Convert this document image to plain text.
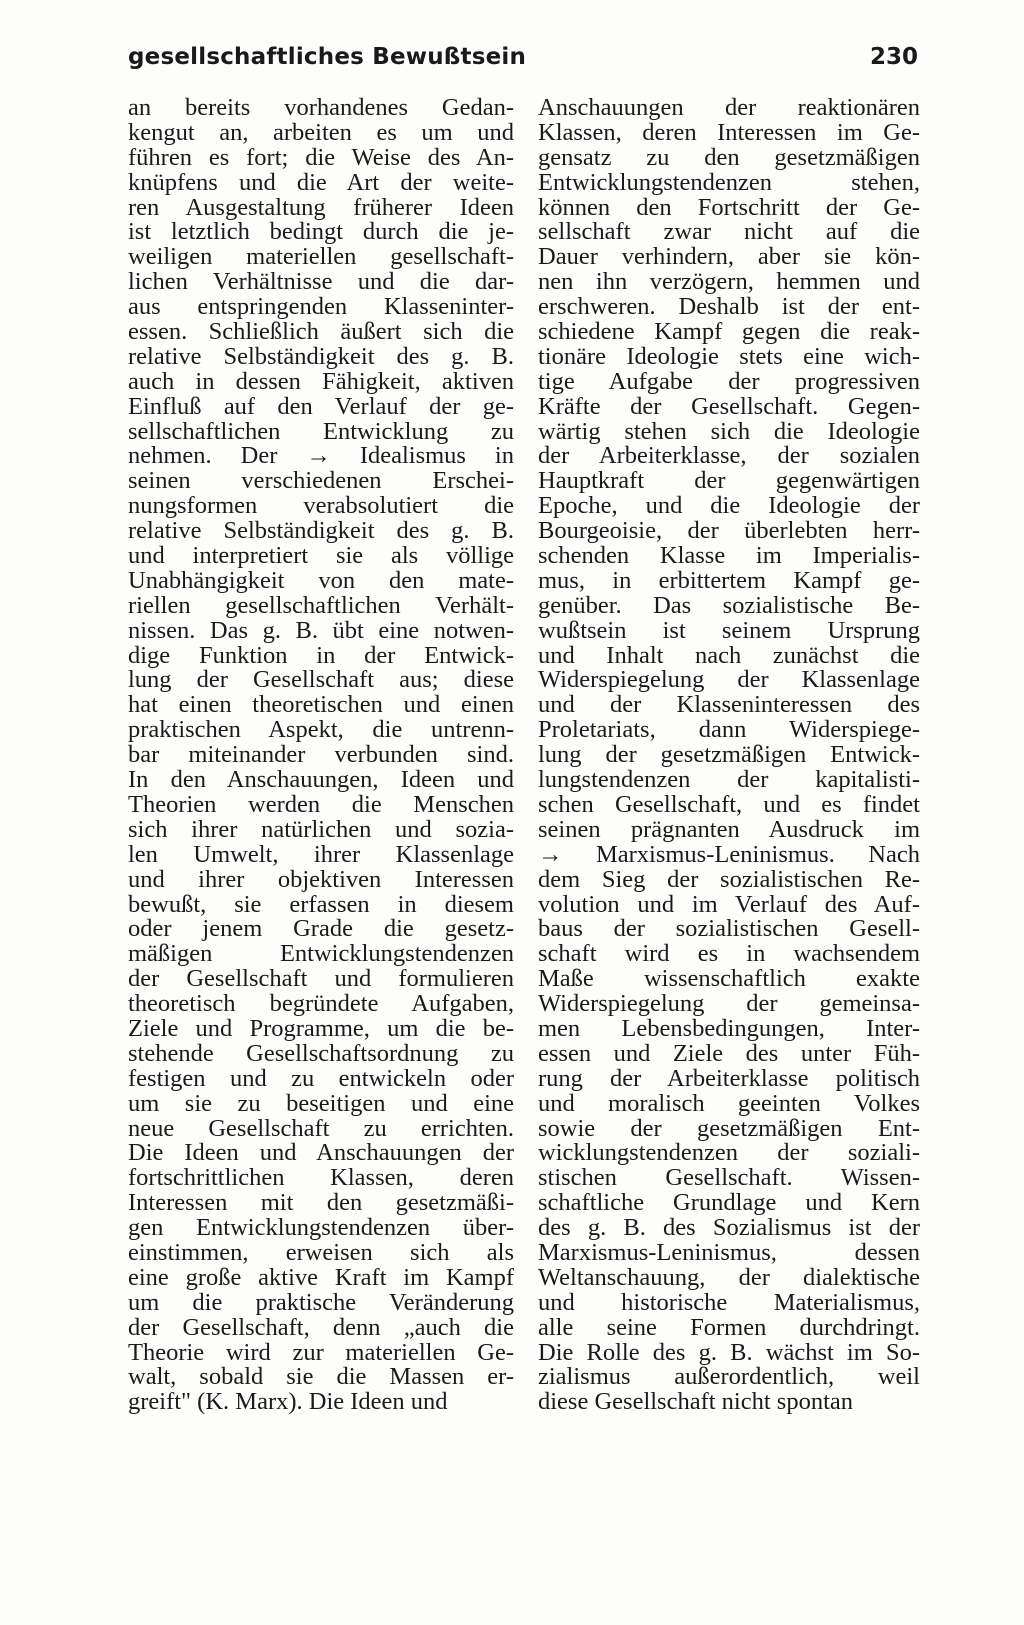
gesellschaftliches Bewußtsein	230
an bereits vorhandenes Gedan-
kengut an, arbeiten es um und
führen es fort; die Weise des An-
knüpfens und die Art der weite-
ren Ausgestaltung früherer Ideen
ist letztlich bedingt durch die je-
weiligen materiellen gesellschaft-
lichen Verhältnisse und die dar-
aus entspringenden Klasseninter-
essen. Schließlich äußert sich die
relative Selbständigkeit des g. B.
auch in dessen Fähigkeit, aktiven
Einfluß auf den Verlauf der ge-
sellschaftlichen Entwicklung zu
nehmen. Der → Idealismus in
seinen verschiedenen Erschei-
nungsformen verabsolutiert die
relative Selbständigkeit des g. B.
und interpretiert sie als völlige
Unabhängigkeit von den mate-
riellen gesellschaftlichen Verhält-
nissen. Das g. B. übt eine notwen-
dige Funktion in der Entwick-
lung der Gesellschaft aus; diese
hat einen theoretischen und einen
praktischen Aspekt, die untrenn-
bar miteinander verbunden sind.
In den Anschauungen, Ideen und
Theorien werden die Menschen
sich ihrer natürlichen und sozia-
len Umwelt, ihrer Klassenlage
und ihrer objektiven Interessen
bewußt, sie erfassen in diesem
oder jenem Grade die gesetz-
mäßigen Entwicklungstendenzen
der Gesellschaft und formulieren
theoretisch begründete Aufgaben,
Ziele und Programme, um die be-
stehende Gesellschaftsordnung zu
festigen und zu entwickeln oder
um sie zu beseitigen und eine
neue Gesellschaft zu errichten.
Die Ideen und Anschauungen der
fortschrittlichen Klassen, deren
Interessen mit den gesetzmäßi-
gen Entwicklungstendenzen über-
einstimmen, erweisen sich als
eine große aktive Kraft im Kampf
um die praktische Veränderung
der Gesellschaft, denn „auch die
Theorie wird zur materiellen Ge-
walt, sobald sie die Massen er-
greift" (K. Marx). Die Ideen und
Anschauungen der reaktionären
Klassen, deren Interessen im Ge-
gensatz zu den gesetzmäßigen
Entwicklungstendenzen stehen,
können den Fortschritt der Ge-
sellschaft zwar nicht auf die
Dauer verhindern, aber sie kön-
nen ihn verzögern, hemmen und
erschweren. Deshalb ist der ent-
schiedene Kampf gegen die reak-
tionäre Ideologie stets eine wich-
tige Aufgabe der progressiven
Kräfte der Gesellschaft. Gegen-
wärtig stehen sich die Ideologie
der Arbeiterklasse, der sozialen
Hauptkraft der gegenwärtigen
Epoche, und die Ideologie der
Bourgeoisie, der überlebten herr-
schenden Klasse im Imperialis-
mus, in erbittertem Kampf ge-
genüber. Das sozialistische Be-
wußtsein ist seinem Ursprung
und Inhalt nach zunächst die
Widerspiegelung der Klassenlage
und der Klasseninteressen des
Proletariats, dann Widerspiege-
lung der gesetzmäßigen Entwick-
lungstendenzen der kapitalisti-
schen Gesellschaft, und es findet
seinen prägnanten Ausdruck im
→ Marxismus-Leninismus. Nach
dem Sieg der sozialistischen Re-
volution und im Verlauf des Auf-
baus der sozialistischen Gesell-
schaft wird es in wachsendem
Maße wissenschaftlich exakte
Widerspiegelung der gemeinsa-
men Lebensbedingungen, Inter-
essen und Ziele des unter Füh-
rung der Arbeiterklasse politisch
und moralisch geeinten Volkes
sowie der gesetzmäßigen Ent-
wicklungstendenzen der soziali-
stischen Gesellschaft. Wissen-
schaftliche Grundlage und Kern
des g. B. des Sozialismus ist der
Marxismus-Leninismus, dessen
Weltanschauung, der dialektische
und historische Materialismus,
alle seine Formen durchdringt.
Die Rolle des g. B. wächst im So-
zialismus außerordentlich, weil
diese Gesellschaft nicht spontan
